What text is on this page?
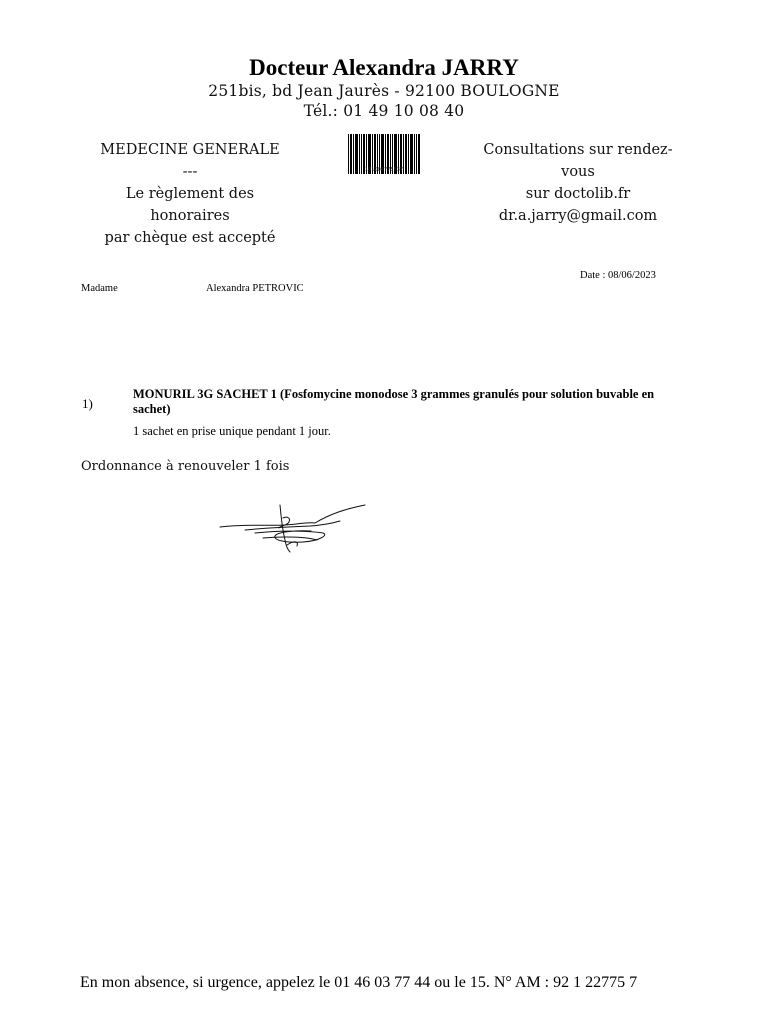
Docteur Alexandra JARRY
251bis, bd Jean Jaurès - 92100 BOULOGNE
Tél.: 01 49 10 08 40
MEDECINE GENERALE
---
Le règlement des
honoraires
par chèque est accepté
101004775537
Consultations sur rendez-
vous
sur doctolib.fr
dr.a.jarry@gmail.com
Date : 08/06/2023
Madame	Alexandra PETROVIC
1)
MONURIL 3G SACHET 1 (Fosfomycine monodose 3 grammes granulés pour solution buvable en sachet)
1 sachet en prise unique pendant 1 jour.
Ordonnance à renouveler 1 fois
En mon absence, si urgence, appelez le 01 46 03 77 44 ou le 15. N° AM : 92 1 22775 7
